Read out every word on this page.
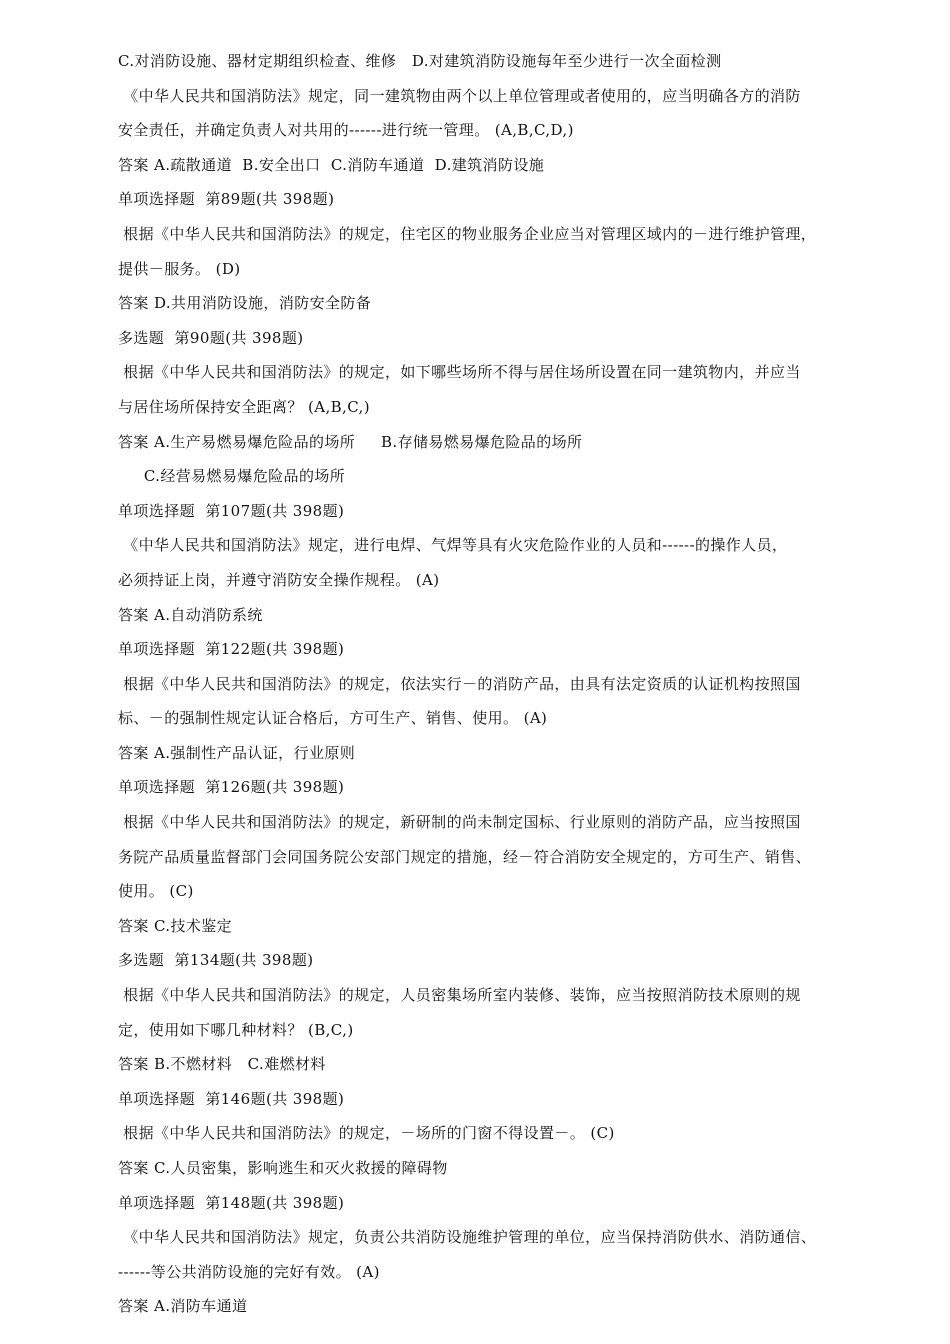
C.对消防设施、器材定期组织检查、维修   D.对建筑消防设施每年至少进行一次全面检测
《中华人民共和国消防法》规定，同一建筑物由两个以上单位管理或者使用的，应当明确各方的消防
安全责任，并确定负责人对共用的------进行统一管理。 (A,B,C,D,)
答案 A.疏散通道  B.安全出口  C.消防车通道  D.建筑消防设施
单项选择题  第89题(共 398题)
根据《中华人民共和国消防法》的规定，住宅区的物业服务企业应当对管理区域内的－进行维护管理，
提供－服务。 (D)
答案 D.共用消防设施，消防安全防备
多选题  第90题(共 398题)
根据《中华人民共和国消防法》的规定，如下哪些场所不得与居住场所设置在同一建筑物内，并应当
与居住场所保持安全距离？ (A,B,C,)
答案 A.生产易燃易爆危险品的场所     B.存储易燃易爆危险品的场所
C.经营易燃易爆危险品的场所
单项选择题  第107题(共 398题)
《中华人民共和国消防法》规定，进行电焊、气焊等具有火灾危险作业的人员和------的操作人员，
必须持证上岗，并遵守消防安全操作规程。 (A)
答案 A.自动消防系统
单项选择题  第122题(共 398题)
根据《中华人民共和国消防法》的规定，依法实行－的消防产品，由具有法定资质的认证机构按照国
标、－的强制性规定认证合格后，方可生产、销售、使用。 (A)
答案 A.强制性产品认证，行业原则
单项选择题  第126题(共 398题)
根据《中华人民共和国消防法》的规定，新研制的尚未制定国标、行业原则的消防产品，应当按照国
务院产品质量监督部门会同国务院公安部门规定的措施，经－符合消防安全规定的，方可生产、销售、
使用。 (C)
答案 C.技术鉴定
多选题  第134题(共 398题)
根据《中华人民共和国消防法》的规定，人员密集场所室内装修、装饰，应当按照消防技术原则的规
定，使用如下哪几种材料？ (B,C,)
答案 B.不燃材料   C.难燃材料
单项选择题  第146题(共 398题)
根据《中华人民共和国消防法》的规定，－场所的门窗不得设置－。 (C)
答案 C.人员密集，影响逃生和灭火救援的障碍物
单项选择题  第148题(共 398题)
《中华人民共和国消防法》规定，负责公共消防设施维护管理的单位，应当保持消防供水、消防通信、
------等公共消防设施的完好有效。 (A)
答案 A.消防车通道
